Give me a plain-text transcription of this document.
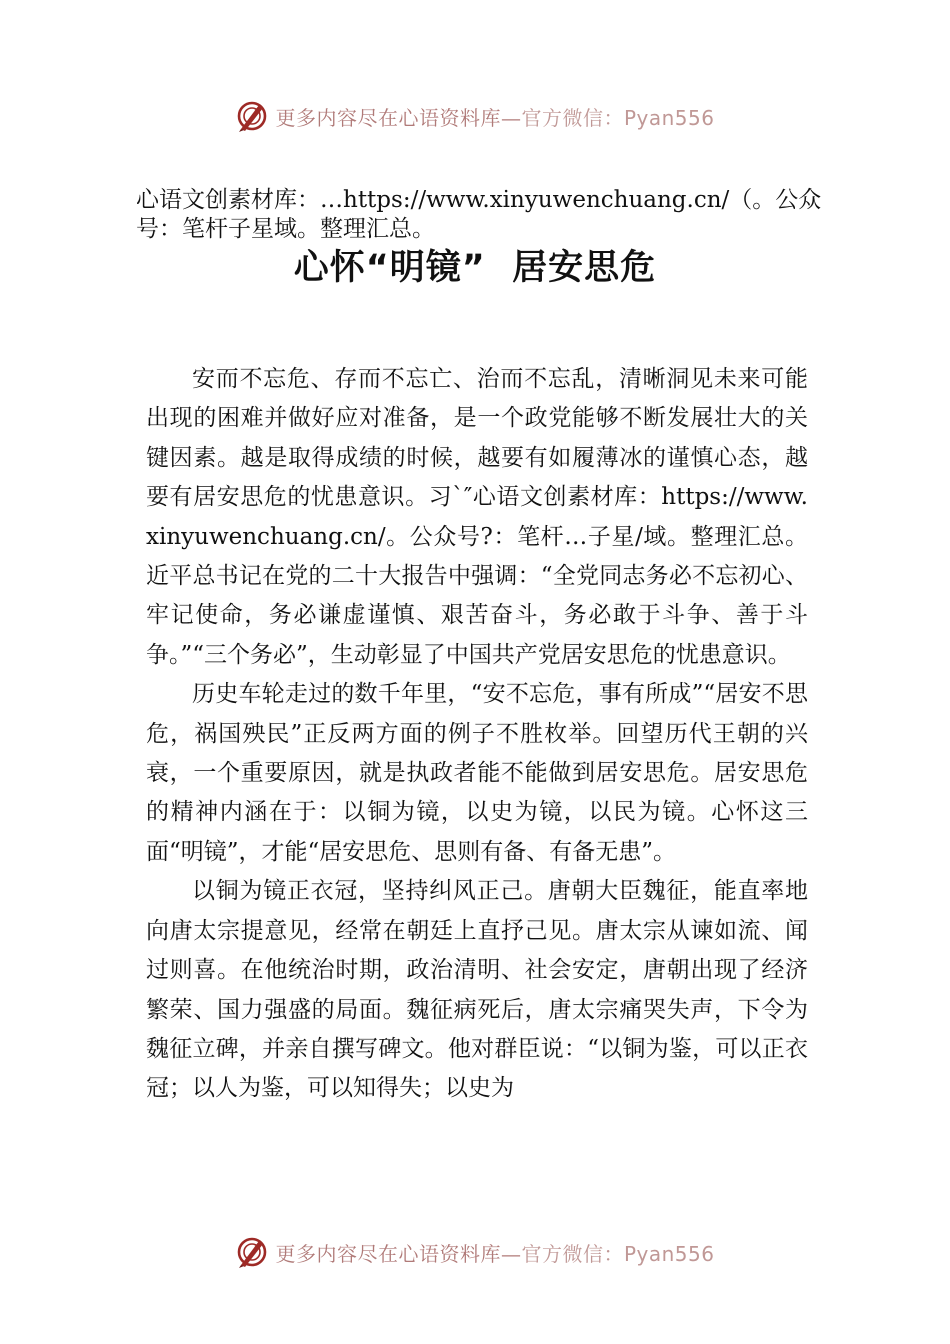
更多内容尽在心语资料库—官方微信：Pyan556
心语文创素材库：…https://www.xinyuwenchuang.cn/（。公众号：笔杆子星域。整理汇总。
心怀“明镜”  居安思危

安而不忘危、存而不忘亡、治而不忘乱，清晰洞见未来可能出现的困难并做好应对准备，是一个政党能够不断发展壮大的关键因素。越是取得成绩的时候，越要有如履薄冰的谨慎心态，越要有居安思危的忧患意识。习`″心语文创素材库：https://www.xinyuwenchuang.cn/。公众号?：笔杆…子星/域。整理汇总。近平总书记在党的二十大报告中强调：“全党同志务必不忘初心、牢记使命，务必谦虚谨慎、艰苦奋斗，务必敢于斗争、善于斗争。”“三个务必”，生动彰显了中国共产党居安思危的忧患意识。

历史车轮走过的数千年里，“安不忘危，事有所成”“居安不思危，祸国殃民”正反两方面的例子不胜枚举。回望历代王朝的兴衰，一个重要原因，就是执政者能不能做到居安思危。居安思危的精神内涵在于：以铜为镜，以史为镜，以民为镜。心怀这三面“明镜”，才能“居安思危、思则有备、有备无患”。

以铜为镜正衣冠，坚持纠风正己。唐朝大臣魏征，能直率地向唐太宗提意见，经常在朝廷上直抒己见。唐太宗从谏如流、闻过则喜。在他统治时期，政治清明、社会安定，唐朝出现了经济繁荣、国力强盛的局面。魏征病死后，唐太宗痛哭失声，下令为魏征立碑，并亲自撰写碑文。他对群臣说：“以铜为鉴，可以正衣冠；以人为鉴，可以知得失；以史为

更多内容尽在心语资料库—官方微信：Pyan556
